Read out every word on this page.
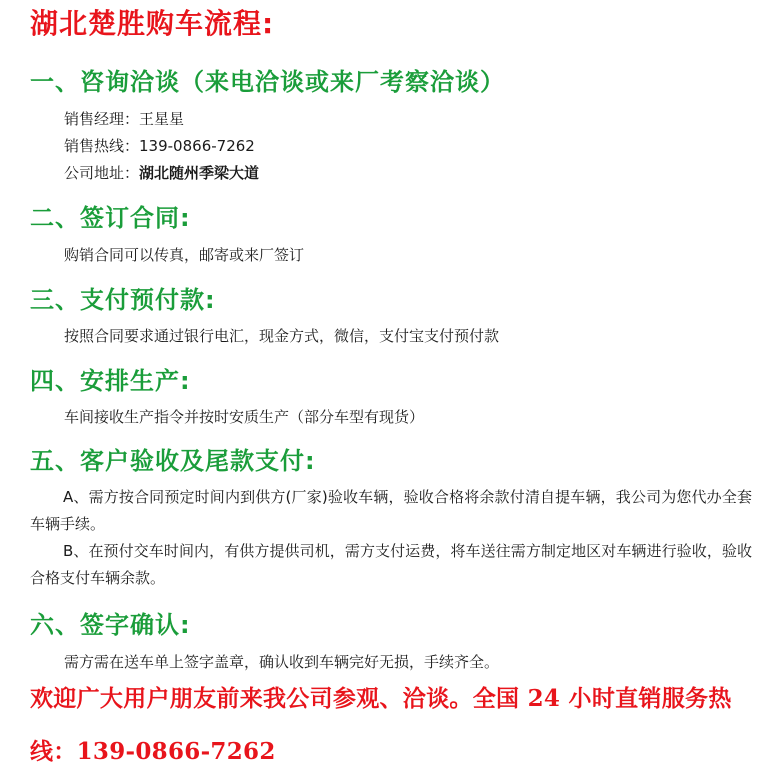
湖北楚胜购车流程:
一、咨询洽谈（来电洽谈或来厂考察洽谈）
销售经理：王星星
销售热线：139-0866-7262
公司地址：湖北随州季梁大道
二、签订合同:
购销合同可以传真，邮寄或来厂签订
三、支付预付款:
按照合同要求通过银行电汇，现金方式，微信，支付宝支付预付款
四、安排生产:
车间接收生产指令并按时安质生产（部分车型有现货）
五、客户验收及尾款支付:
A、需方按合同预定时间内到供方(厂家)验收车辆，验收合格将余款付清自提车辆，我公司为您代办全套车辆手续。
B、在预付交车时间内，有供方提供司机，需方支付运费，将车送往需方制定地区对车辆进行验收，验收合格支付车辆余款。
六、签字确认:
需方需在送车单上签字盖章，确认收到车辆完好无损，手续齐全。
欢迎广大用户朋友前来我公司参观、洽谈。全国 24 小时直销服务热线：139-0866-7262
